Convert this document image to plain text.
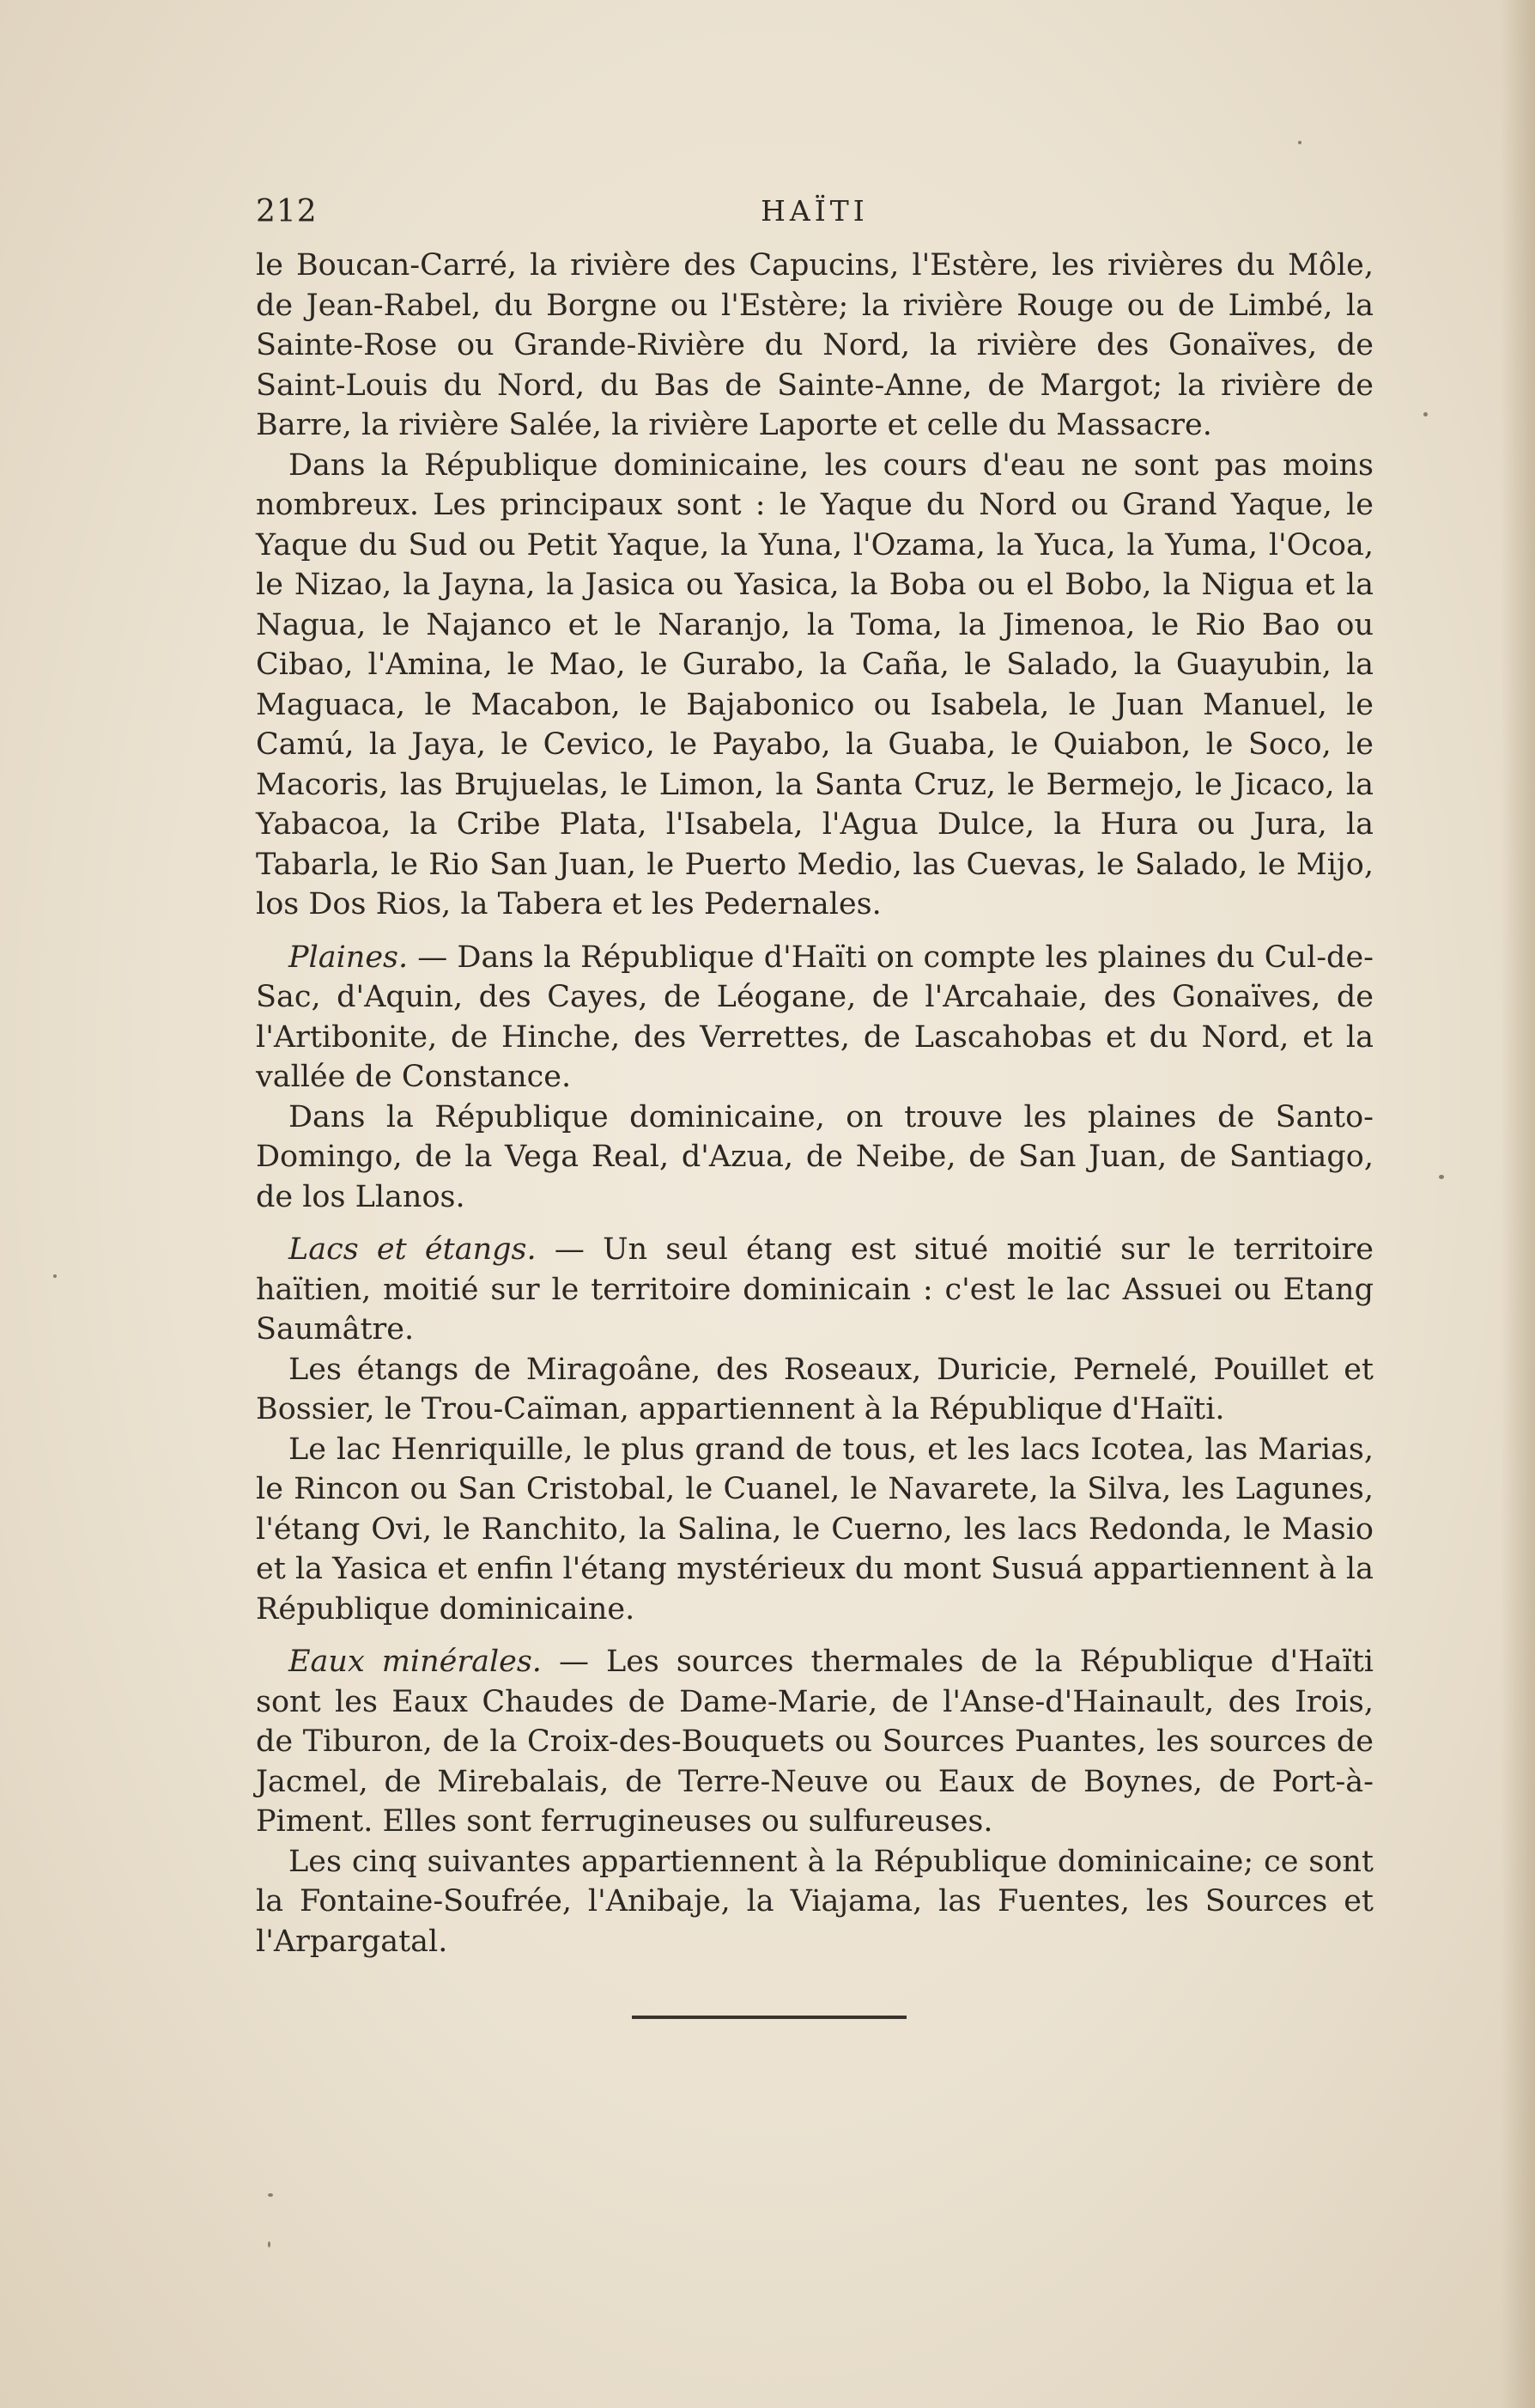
212	HAÏTI

le Boucan-Carré, la rivière des Capucins, l'Estère, les rivières du Môle, de Jean-Rabel, du Borgne ou l'Estère; la rivière Rouge ou de Limbé, la Sainte-Rose ou Grande-Rivière du Nord, la rivière des Gonaïves, de Saint-Louis du Nord, du Bas de Sainte-Anne, de Margot; la rivière de Barre, la rivière Salée, la rivière Laporte et celle du Massacre.

Dans la République dominicaine, les cours d'eau ne sont pas moins nombreux. Les principaux sont : le Yaque du Nord ou Grand Yaque, le Yaque du Sud ou Petit Yaque, la Yuna, l'Ozama, la Yuca, la Yuma, l'Ocoa, le Nizao, la Jayna, la Jasica ou Yasica, la Boba ou el Bobo, la Nigua et la Nagua, le Najanco et le Naranjo, la Toma, la Jimenoa, le Rio Bao ou Cibao, l'Amina, le Mao, le Gurabo, la Caña, le Salado, la Guayubin, la Maguaca, le Macabon, le Bajabonico ou Isabela, le Juan Manuel, le Camú, la Jaya, le Cevico, le Payabo, la Guaba, le Quiabon, le Soco, le Macoris, las Brujuelas, le Limon, la Santa Cruz, le Bermejo, le Jicaco, la Yabacoa, la Cribe Plata, l'Isabela, l'Agua Dulce, la Hura ou Jura, la Tabarla, le Rio San Juan, le Puerto Medio, las Cuevas, le Salado, le Mijo, los Dos Rios, la Tabera et les Pedernales.

Plaines. — Dans la République d'Haïti on compte les plaines du Cul-de-Sac, d'Aquin, des Cayes, de Léogane, de l'Arcahaie, des Gonaïves, de l'Artibonite, de Hinche, des Verrettes, de Lascahobas et du Nord, et la vallée de Constance.

Dans la République dominicaine, on trouve les plaines de Santo-Domingo, de la Vega Real, d'Azua, de Neibe, de San Juan, de Santiago, de los Llanos.

Lacs et étangs. — Un seul étang est situé moitié sur le territoire haïtien, moitié sur le territoire dominicain : c'est le lac Assuei ou Etang Saumâtre.

Les étangs de Miragoâne, des Roseaux, Duricie, Pernelé, Pouillet et Bossier, le Trou-Caïman, appartiennent à la République d'Haïti.

Le lac Henriquille, le plus grand de tous, et les lacs Icotea, las Marias, le Rincon ou San Cristobal, le Cuanel, le Navarete, la Silva, les Lagunes, l'étang Ovi, le Ranchito, la Salina, le Cuerno, les lacs Redonda, le Masio et la Yasica et enfin l'étang mystérieux du mont Susuá appartiennent à la République dominicaine.

Eaux minérales. — Les sources thermales de la République d'Haïti sont les Eaux Chaudes de Dame-Marie, de l'Anse-d'Hainault, des Irois, de Tiburon, de la Croix-des-Bouquets ou Sources Puantes, les sources de Jacmel, de Mirebalais, de Terre-Neuve ou Eaux de Boynes, de Port-à-Piment. Elles sont ferrugineuses ou sulfureuses.

Les cinq suivantes appartiennent à la République dominicaine; ce sont la Fontaine-Soufrée, l'Anibaje, la Viajama, las Fuentes, les Sources et l'Arpargatal.
